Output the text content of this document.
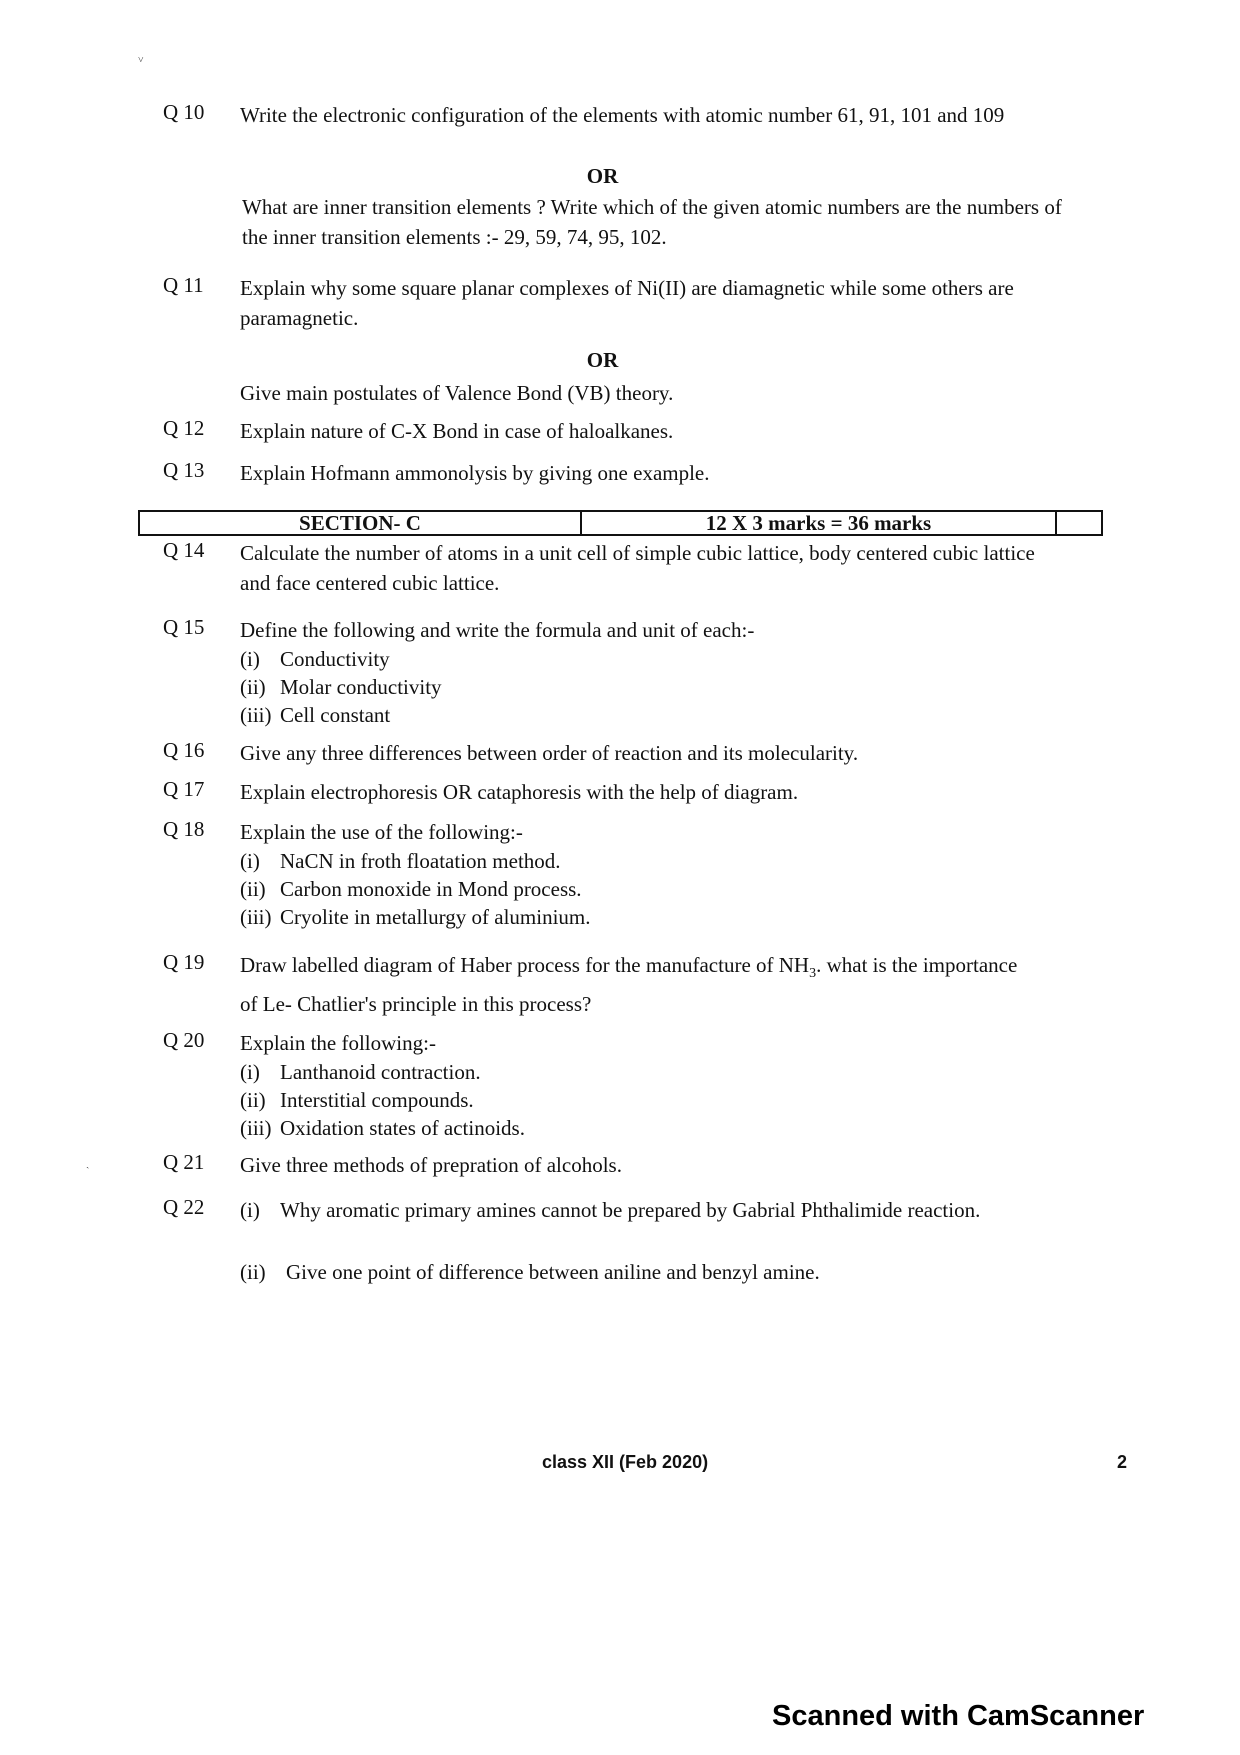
Q 10 Write the electronic configuration of the elements with atomic number 61, 91, 101 and 109
OR
What are inner transition elements ? Write which of the given atomic numbers are the numbers of the inner transition elements :- 29, 59, 74, 95, 102.
Q 11 Explain why some square planar complexes of Ni(II) are diamagnetic while some others are paramagnetic.
OR
Give main postulates of Valence Bond (VB) theory.
Q 12 Explain nature of C-X Bond in case of haloalkanes.
Q 13 Explain Hofmann ammonolysis by giving one example.
SECTION- C	12 X 3 marks = 36 marks
Q 14 Calculate the number of atoms in a unit cell of simple cubic lattice, body centered cubic lattice and face centered cubic lattice.
Q 15 Define the following and write the formula and unit of each:-
(i) Conductivity
(ii) Molar conductivity
(iii) Cell constant
Q 16 Give any three differences between order of reaction and its molecularity.
Q 17 Explain electrophoresis OR cataphoresis with the help of diagram.
Q 18 Explain the use of the following:-
(i) NaCN in froth floatation method.
(ii) Carbon monoxide in Mond process.
(iii) Cryolite in metallurgy of aluminium.
Q 19 Draw labelled diagram of Haber process for the manufacture of $NH_3$. what is the importance of Le- Chatlier's principle in this process?
Q 20 Explain the following:-
(i) Lanthanoid contraction.
(ii) Interstitial compounds.
(iii) Oxidation states of actinoids.
Q 21 Give three methods of prepration of alcohols.
Q 22 (i) Why aromatic primary amines cannot be prepared by Gabrial Phthalimide reaction.
(ii) Give one point of difference between aniline and benzyl amine.
class XII (Feb 2020)	2
Scanned with CamScanner
˅
ˏ
